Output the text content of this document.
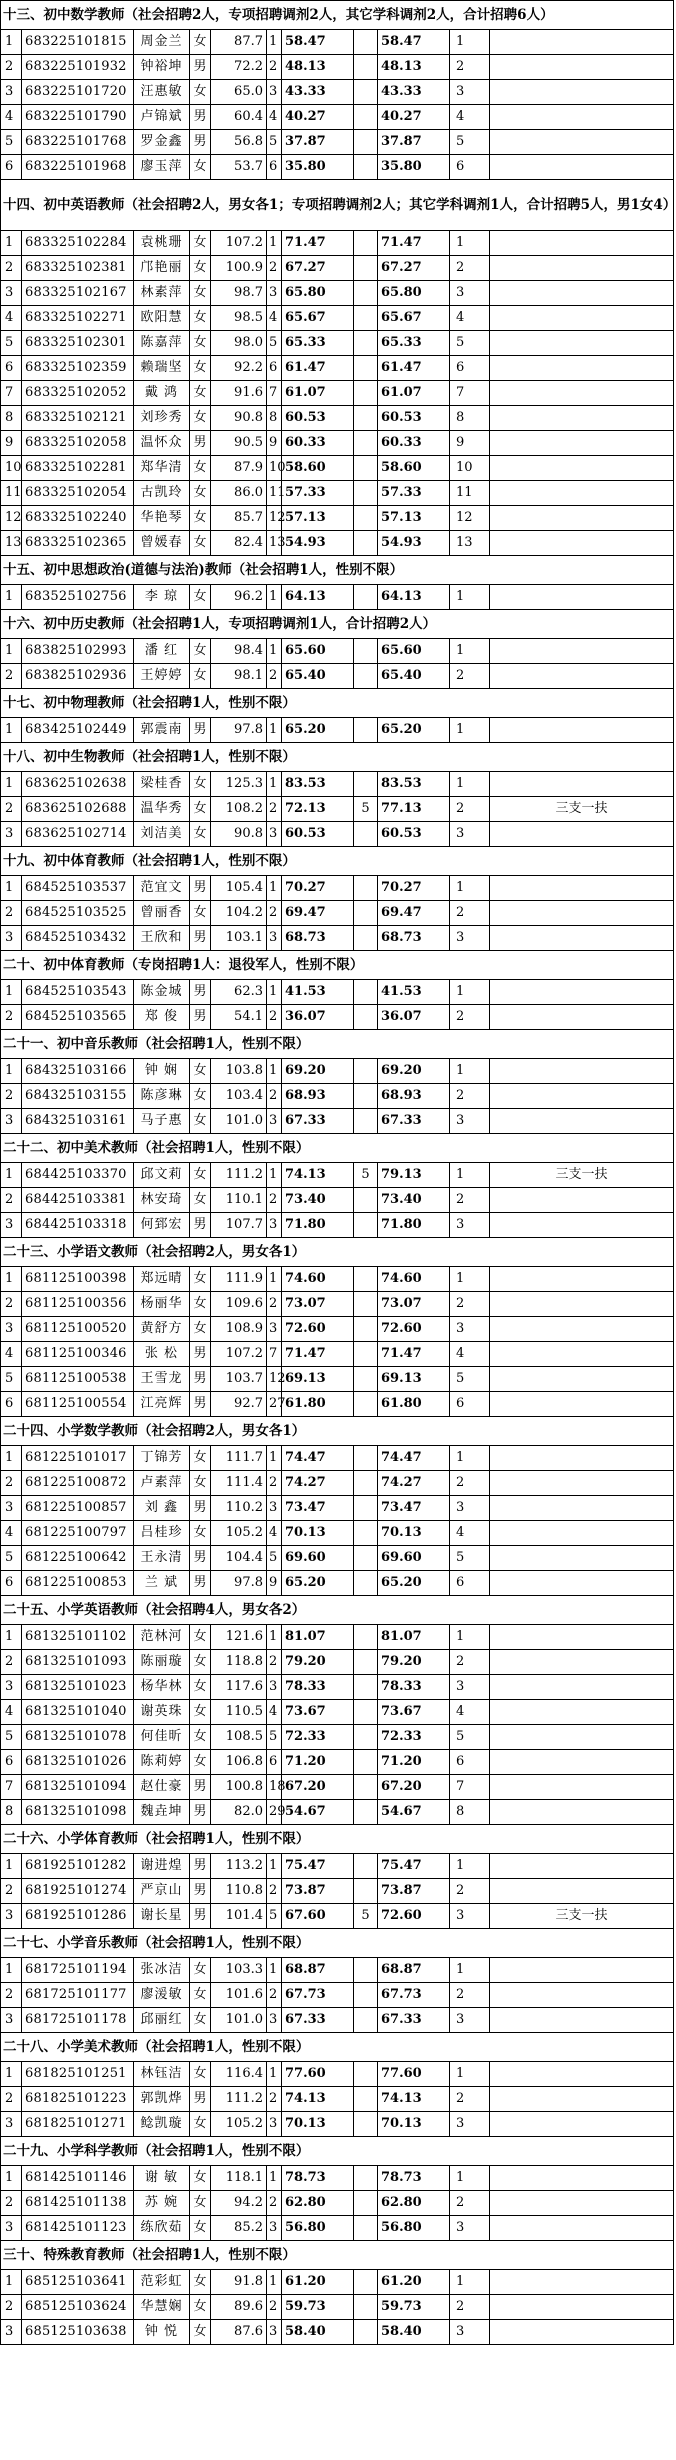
十三、初中数学教师（社会招聘2人，专项招聘调剂2人，其它学科调剂2人，合计招聘6人）										
1	683225101815	周金兰	女	87.7	1	58.47		58.47	1	
2	683225101932	钟裕坤	男	72.2	2	48.13		48.13	2	
3	683225101720	汪惠敏	女	65.0	3	43.33		43.33	3	
4	683225101790	卢锦斌	男	60.4	4	40.27		40.27	4	
5	683225101768	罗金鑫	男	56.8	5	37.87		37.87	5	
6	683225101968	廖玉萍	女	53.7	6	35.80		35.80	6	
十四、初中英语教师（社会招聘2人，男女各1；专项招聘调剂2人；其它学科调剂1人，合计招聘5人，男1女4）										
1	683325102284	袁桃珊	女	107.2	1	71.47		71.47	1	
2	683325102381	邝艳丽	女	100.9	2	67.27		67.27	2	
3	683325102167	林素萍	女	98.7	3	65.80		65.80	3	
4	683325102271	欧阳慧	女	98.5	4	65.67		65.67	4	
5	683325102301	陈嘉萍	女	98.0	5	65.33		65.33	5	
6	683325102359	赖瑞坚	女	92.2	6	61.47		61.47	6	
7	683325102052	戴 鸿	女	91.6	7	61.07		61.07	7	
8	683325102121	刘珍秀	女	90.8	8	60.53		60.53	8	
9	683325102058	温怀众	男	90.5	9	60.33		60.33	9	
10	683325102281	郑华清	女	87.9	10	58.60		58.60	10	
11	683325102054	古凯玲	女	86.0	11	57.33		57.33	11	
12	683325102240	华艳琴	女	85.7	12	57.13		57.13	12	
13	683325102365	曾媛春	女	82.4	13	54.93		54.93	13	
十五、初中思想政治(道德与法治)教师（社会招聘1人，性别不限）										
1	683525102756	李 琼	女	96.2	1	64.13		64.13	1	
十六、初中历史教师（社会招聘1人，专项招聘调剂1人，合计招聘2人）										
1	683825102993	潘 红	女	98.4	1	65.60		65.60	1	
2	683825102936	王婷婷	女	98.1	2	65.40		65.40	2	
十七、初中物理教师（社会招聘1人，性别不限）										
1	683425102449	郭震南	男	97.8	1	65.20		65.20	1	
十八、初中生物教师（社会招聘1人，性别不限）										
1	683625102638	梁桂香	女	125.3	1	83.53		83.53	1	
2	683625102688	温华秀	女	108.2	2	72.13	5	77.13	2	三支一扶
3	683625102714	刘洁美	女	90.8	3	60.53		60.53	3	
十九、初中体育教师（社会招聘1人，性别不限）										
1	684525103537	范宜文	男	105.4	1	70.27		70.27	1	
2	684525103525	曾丽香	女	104.2	2	69.47		69.47	2	
3	684525103432	王欣和	男	103.1	3	68.73		68.73	3	
二十、初中体育教师（专岗招聘1人：退役军人，性别不限）										
1	684525103543	陈金城	男	62.3	1	41.53		41.53	1	
2	684525103565	郑 俊	男	54.1	2	36.07		36.07	2	
二十一、初中音乐教师（社会招聘1人，性别不限）										
1	684325103166	钟 娴	女	103.8	1	69.20		69.20	1	
2	684325103155	陈彦琳	女	103.4	2	68.93		68.93	2	
3	684325103161	马子惠	女	101.0	3	67.33		67.33	3	
二十二、初中美术教师（社会招聘1人，性别不限）										
1	684425103370	邱文莉	女	111.2	1	74.13	5	79.13	1	三支一扶
2	684425103381	林安琦	女	110.1	2	73.40		73.40	2	
3	684425103318	何郅宏	男	107.7	3	71.80		71.80	3	
二十三、小学语文教师（社会招聘2人，男女各1）										
1	681125100398	郑远晴	女	111.9	1	74.60		74.60	1	
2	681125100356	杨丽华	女	109.6	2	73.07		73.07	2	
3	681125100520	黄舒方	女	108.9	3	72.60		72.60	3	
4	681125100346	张 松	男	107.2	7	71.47		71.47	4	
5	681125100538	王雪龙	男	103.7	12	69.13		69.13	5	
6	681125100554	江亮辉	男	92.7	27	61.80		61.80	6	
二十四、小学数学教师（社会招聘2人，男女各1）										
1	681225101017	丁锦芳	女	111.7	1	74.47		74.47	1	
2	681225100872	卢素萍	女	111.4	2	74.27		74.27	2	
3	681225100857	刘 鑫	男	110.2	3	73.47		73.47	3	
4	681225100797	吕桂珍	女	105.2	4	70.13		70.13	4	
5	681225100642	王永清	男	104.4	5	69.60		69.60	5	
6	681225100853	兰 斌	男	97.8	9	65.20		65.20	6	
二十五、小学英语教师（社会招聘4人，男女各2）										
1	681325101102	范林河	女	121.6	1	81.07		81.07	1	
2	681325101093	陈丽璇	女	118.8	2	79.20		79.20	2	
3	681325101023	杨华林	女	117.6	3	78.33		78.33	3	
4	681325101040	谢英珠	女	110.5	4	73.67		73.67	4	
5	681325101078	何佳昕	女	108.5	5	72.33		72.33	5	
6	681325101026	陈莉婷	女	106.8	6	71.20		71.20	6	
7	681325101094	赵仕豪	男	100.8	18	67.20		67.20	7	
8	681325101098	魏垚坤	男	82.0	29	54.67		54.67	8	
二十六、小学体育教师（社会招聘1人，性别不限）										
1	681925101282	谢进煌	男	113.2	1	75.47		75.47	1	
2	681925101274	严京山	男	110.8	2	73.87		73.87	2	
3	681925101286	谢长星	男	101.4	5	67.60	5	72.60	3	三支一扶
二十七、小学音乐教师（社会招聘1人，性别不限）										
1	681725101194	张冰洁	女	103.3	1	68.87		68.87	1	
2	681725101177	廖湲敏	女	101.6	2	67.73		67.73	2	
3	681725101178	邱丽红	女	101.0	3	67.33		67.33	3	
二十八、小学美术教师（社会招聘1人，性别不限）										
1	681825101251	林钰洁	女	116.4	1	77.60		77.60	1	
2	681825101223	郭凯烨	男	111.2	2	74.13		74.13	2	
3	681825101271	鲶凯璇	女	105.2	3	70.13		70.13	3	
二十九、小学科学教师（社会招聘1人，性别不限）										
1	681425101146	谢 敏	女	118.1	1	78.73		78.73	1	
2	681425101138	苏 婉	女	94.2	2	62.80		62.80	2	
3	681425101123	练欣茹	女	85.2	3	56.80		56.80	3	
三十、特殊教育教师（社会招聘1人，性别不限）										
1	685125103641	范彩虹	女	91.8	1	61.20		61.20	1	
2	685125103624	华慧娴	女	89.6	2	59.73		59.73	2	
3	685125103638	钟 悦	女	87.6	3	58.40		58.40	3	
